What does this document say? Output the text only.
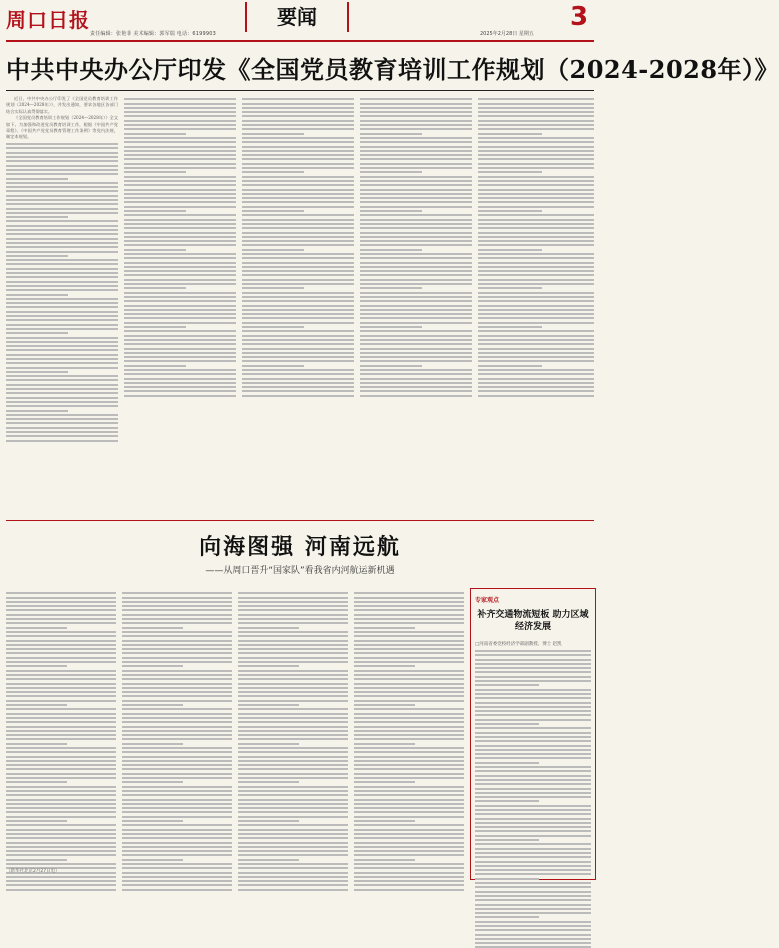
周口日报
责任编辑：张艳菲 美术编辑：郭军瑞 电话：6199903
要闻
2025年2月28日 星期五
3
中共中央办公厅印发《全国党员教育培训工作规划（2024-2028年）》

近日，中共中央办公厅印发了《全国党员教育培训工作规划（2024—2028年）》，并发出通知，要求各地区各部门结合实际认真贯彻落实。

《全国党员教育培训工作规划（2024—2028年）》全文如下。为加强和改进党员教育培训工作，根据《中国共产党章程》、《中国共产党党员教育管理工作条例》等党内法规，制定本规划。

向海图强 河南远航
——从周口晋升“国家队”看我省内河航运新机遇
专家观点
补齐交通物流短板 助力区域经济发展
□河南省委党校经济学部副教授、博士 赵凯
（新华社北京2月27日电）
